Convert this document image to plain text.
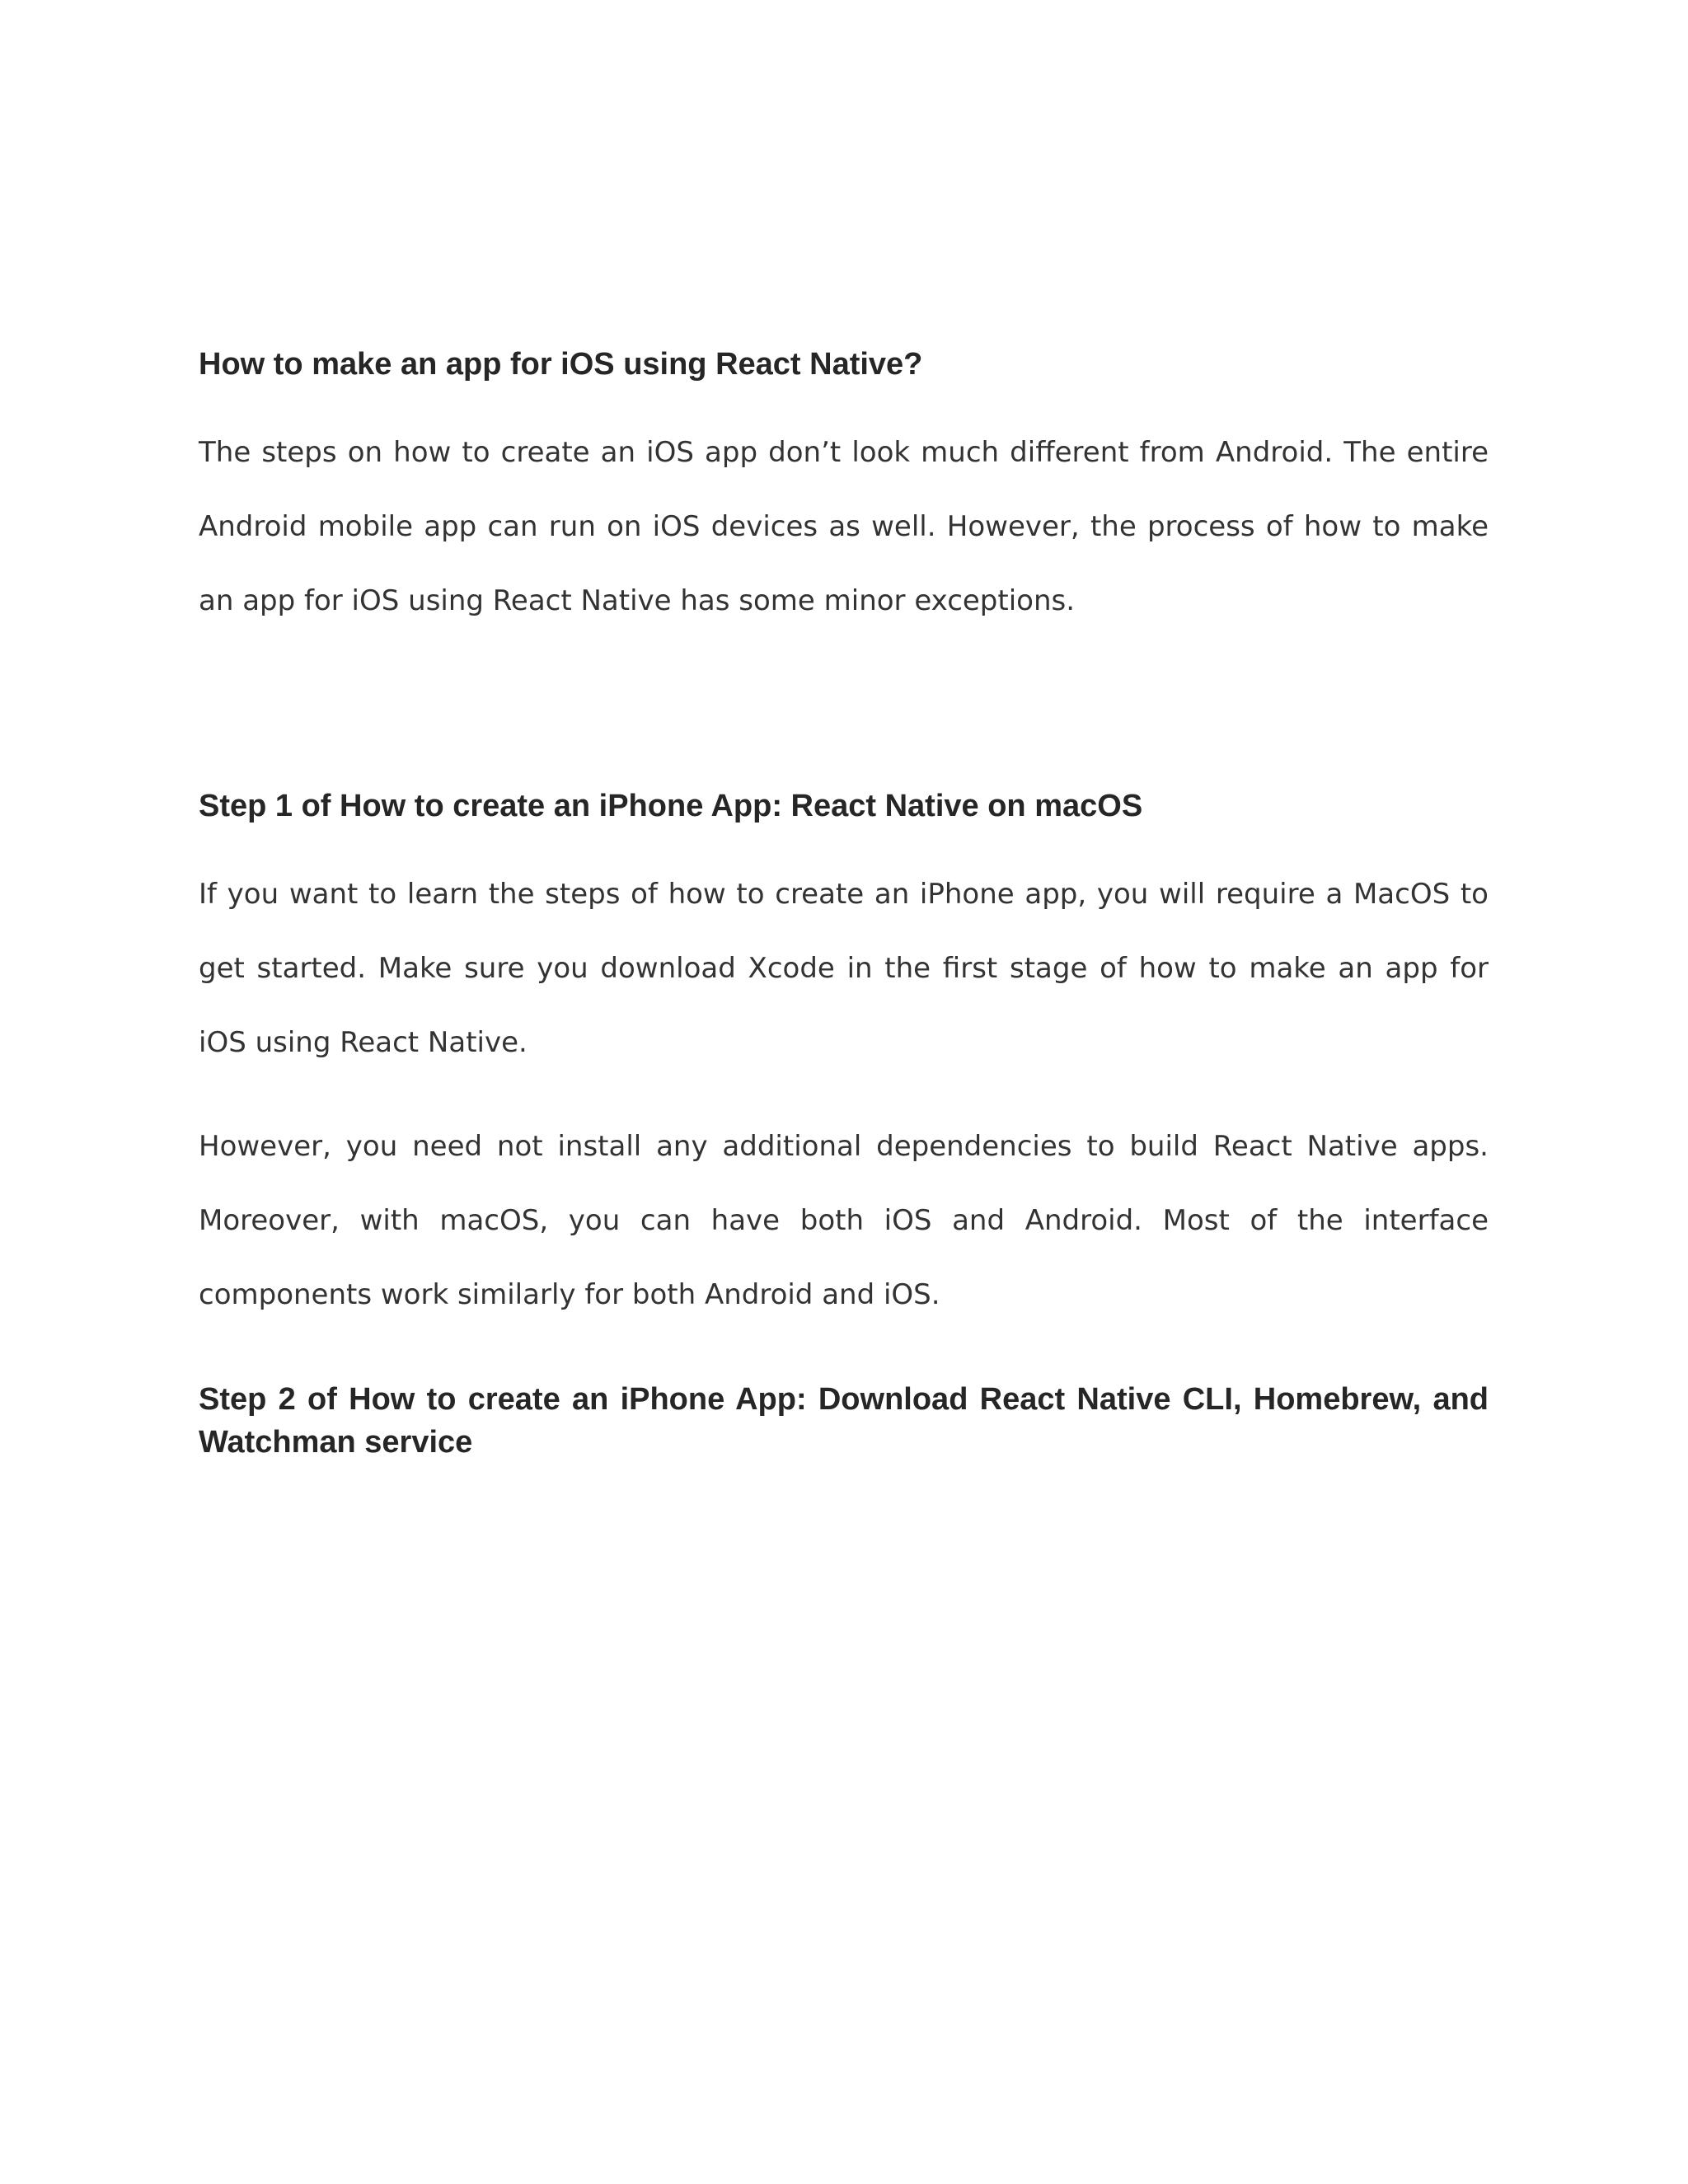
How to make an app for iOS using React Native?

The steps on how to create an iOS app don’t look much different from Android. The entire Android mobile app can run on iOS devices as well. However, the process of how to make an app for iOS using React Native has some minor exceptions.

Step 1 of How to create an iPhone App: React Native on macOS

If you want to learn the steps of how to create an iPhone app, you will require a MacOS to get started. Make sure you download Xcode in the first stage of how to make an app for iOS using React Native.

However, you need not install any additional dependencies to build React Native apps. Moreover, with macOS, you can have both iOS and Android. Most of the interface components work similarly for both Android and iOS.

Step 2 of How to create an iPhone App: Download React Native CLI, Homebrew, and Watchman service
